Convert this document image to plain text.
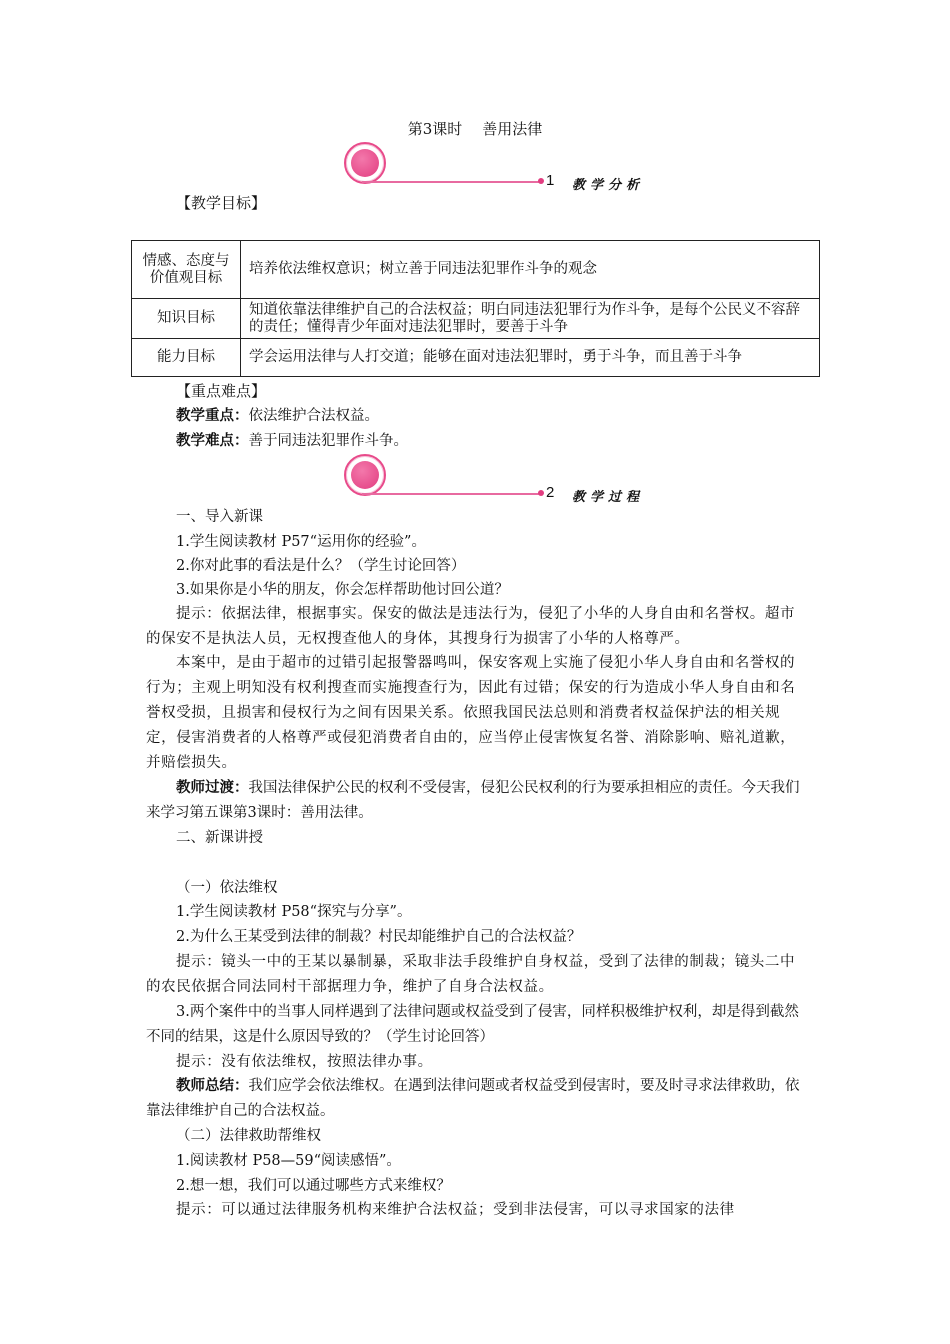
第3课时 善用法律
1 教学分析
【教学目标】
情感、态度与价值观目标	培养依法维权意识；树立善于同违法犯罪作斗争的观念
知识目标	知道依靠法律维护自己的合法权益；明白同违法犯罪行为作斗争，是每个公民义不容辞的责任；懂得青少年面对违法犯罪时，要善于斗争
能力目标	学会运用法律与人打交道；能够在面对违法犯罪时，勇于斗争，而且善于斗争
【重点难点】
教学重点：依法维护合法权益。
教学难点：善于同违法犯罪作斗争。
2 教学过程
一、导入新课
1.学生阅读教材 P57“运用你的经验”。
2.你对此事的看法是什么？（学生讨论回答）
3.如果你是小华的朋友，你会怎样帮助他讨回公道？
提示：依据法律，根据事实。保安的做法是违法行为，侵犯了小华的人身自由和名誉权。超市的保安不是执法人员，无权搜查他人的身体，其搜身行为损害了小华的人格尊严。
本案中，是由于超市的过错引起报警器鸣叫，保安客观上实施了侵犯小华人身自由和名誉权的行为；主观上明知没有权利搜查而实施搜查行为，因此有过错；保安的行为造成小华人身自由和名誉权受损，且损害和侵权行为之间有因果关系。依照我国民法总则和消费者权益保护法的相关规定，侵害消费者的人格尊严或侵犯消费者自由的，应当停止侵害恢复名誉、消除影响、赔礼道歉，并赔偿损失。
教师过渡：我国法律保护公民的权利不受侵害，侵犯公民权利的行为要承担相应的责任。今天我们来学习第五课第3课时：善用法律。
二、新课讲授
（一）依法维权
1.学生阅读教材 P58“探究与分享”。
2.为什么王某受到法律的制裁？村民却能维护自己的合法权益？
提示：镜头一中的王某以暴制暴，采取非法手段维护自身权益，受到了法律的制裁；镜头二中的农民依据合同法同村干部据理力争，维护了自身合法权益。
3.两个案件中的当事人同样遇到了法律问题或权益受到了侵害，同样积极维护权利，却是得到截然不同的结果，这是什么原因导致的？（学生讨论回答）
提示：没有依法维权，按照法律办事。
教师总结：我们应学会依法维权。在遇到法律问题或者权益受到侵害时，要及时寻求法律救助，依靠法律维护自己的合法权益。
（二）法律救助帮维权
1.阅读教材 P58—59“阅读感悟”。
2.想一想，我们可以通过哪些方式来维权？
提示：可以通过法律服务机构来维护合法权益；受到非法侵害，可以寻求国家的法律
